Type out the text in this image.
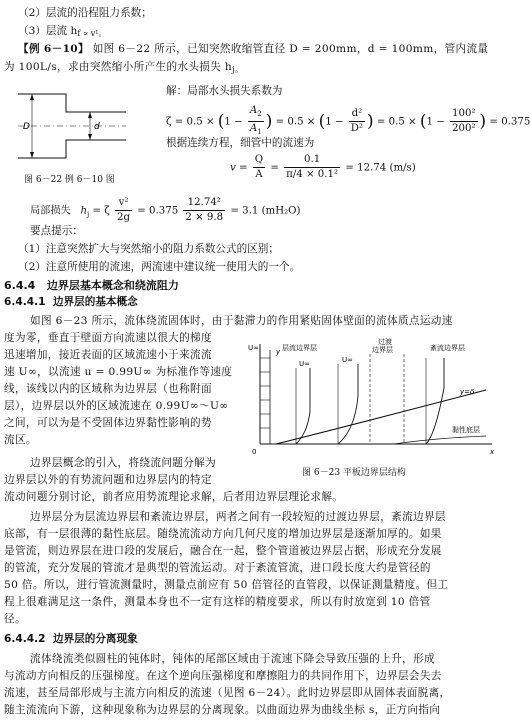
（2）层流的沿程阻力系数；
（3）层流 hf ∝ v¹。
【例 6－10】 如图 6－22 所示，已知突然收缩管直径 D = 200mm，d = 100mm，管内流量
为 100L/s，求由突然缩小所产生的水头损失 hj。
D	d
图 6－22 例 6－10 图
解：局部水头损失系数为
$\zeta = 0.5 \times (1 - \frac{A_2}{A_1}$ ) = $0.5 \times (1 - \frac{\text{d²}}{\text{D²}}$ ) = $0.5 \times (1 - \frac{\text{100²}}{\text{200²}}$ ) = 0.375
根据连续方程，细管中的流速为
$v = \frac{Q}{A} = \frac{0.1}{\text{π/4 × 0.1²}} = 12.74$ (m/s)
局部损失 $h_j = \zeta \frac{\text{v²}}{2g} = 0.375 \frac{\text{12.74²}}{2 \times 9.8} = 3.1$ (mH₂O)
要点提示：
（1）注意突然扩大与突然缩小的阻力系数公式的区别；
（2）注意所使用的流速，两流速中建议统一使用大的一个。
6.4.4 边界层基本概念和绕流阻力
6.4.4.1 边界层的基本概念
如图 6－23 所示，流体绕流固体时，由于黏滞力的作用紧贴固体壁面的流体质点运动速
度为零，垂直于壁面方向流速以很大的梯度
迅速增加，接近表面的区域流速小于来流流
速 U∞，以流速 u = 0.99U∞ 为标准作等速度
线，该线以内的区域称为边界层（也称附面
层），边界层以外的区域流速在 0.99U∞～U∞
之间，可以为是不受固体边界黏性影响的势
流区。
边界层概念的引入，将绕流问题分解为
边界层以外的有势流问题和边界层内的特定
流动问题分别讨论，前者应用势流理论求解，后者用边界层理论求解。
U∞
U∞	U∞
层流边界层
过渡
边界层	紊流边界层
y=δ
黏性底层
x
y
0
图 6－23 平板边界层结构
边界层分为层流边界层和紊流边界层，两者之间有一段较短的过渡边界层，紊流边界层
底部，有一层很薄的黏性底层。随绕流流动方向几何尺度的增加边界层是逐渐加厚的。如果
是管流，则边界层在进口段的发展后，融合在一起，整个管道被边界层占据，形成充分发展
的管流，充分发展的管流才是典型的管流运动。对于紊流管流，进口段长度大约是管径的
50 倍。所以，进行管流测量时，测量点前应有 50 倍管径的直管段，以保证测量精度。但工
程上很难满足这一条件，测量本身也不一定有这样的精度要求，所以有时放宽到 10 倍管
径。
6.4.4.2 边界层的分离现象
流体绕流类似圆柱的钝体时，钝体的尾部区域由于流速下降会导致压强的上升，形成
与流动方向相反的压强梯度。在这个逆向压强梯度和摩擦阻力的共同作用下，边界层会失去
流速，甚至局部形成与主流方向相反的流速（见图 6－24）。此时边界层即从固体表面脱离，
随主流流向下游，这种现象称为边界层的分离现象。以曲面边界为曲线坐标 s，正方向指向
